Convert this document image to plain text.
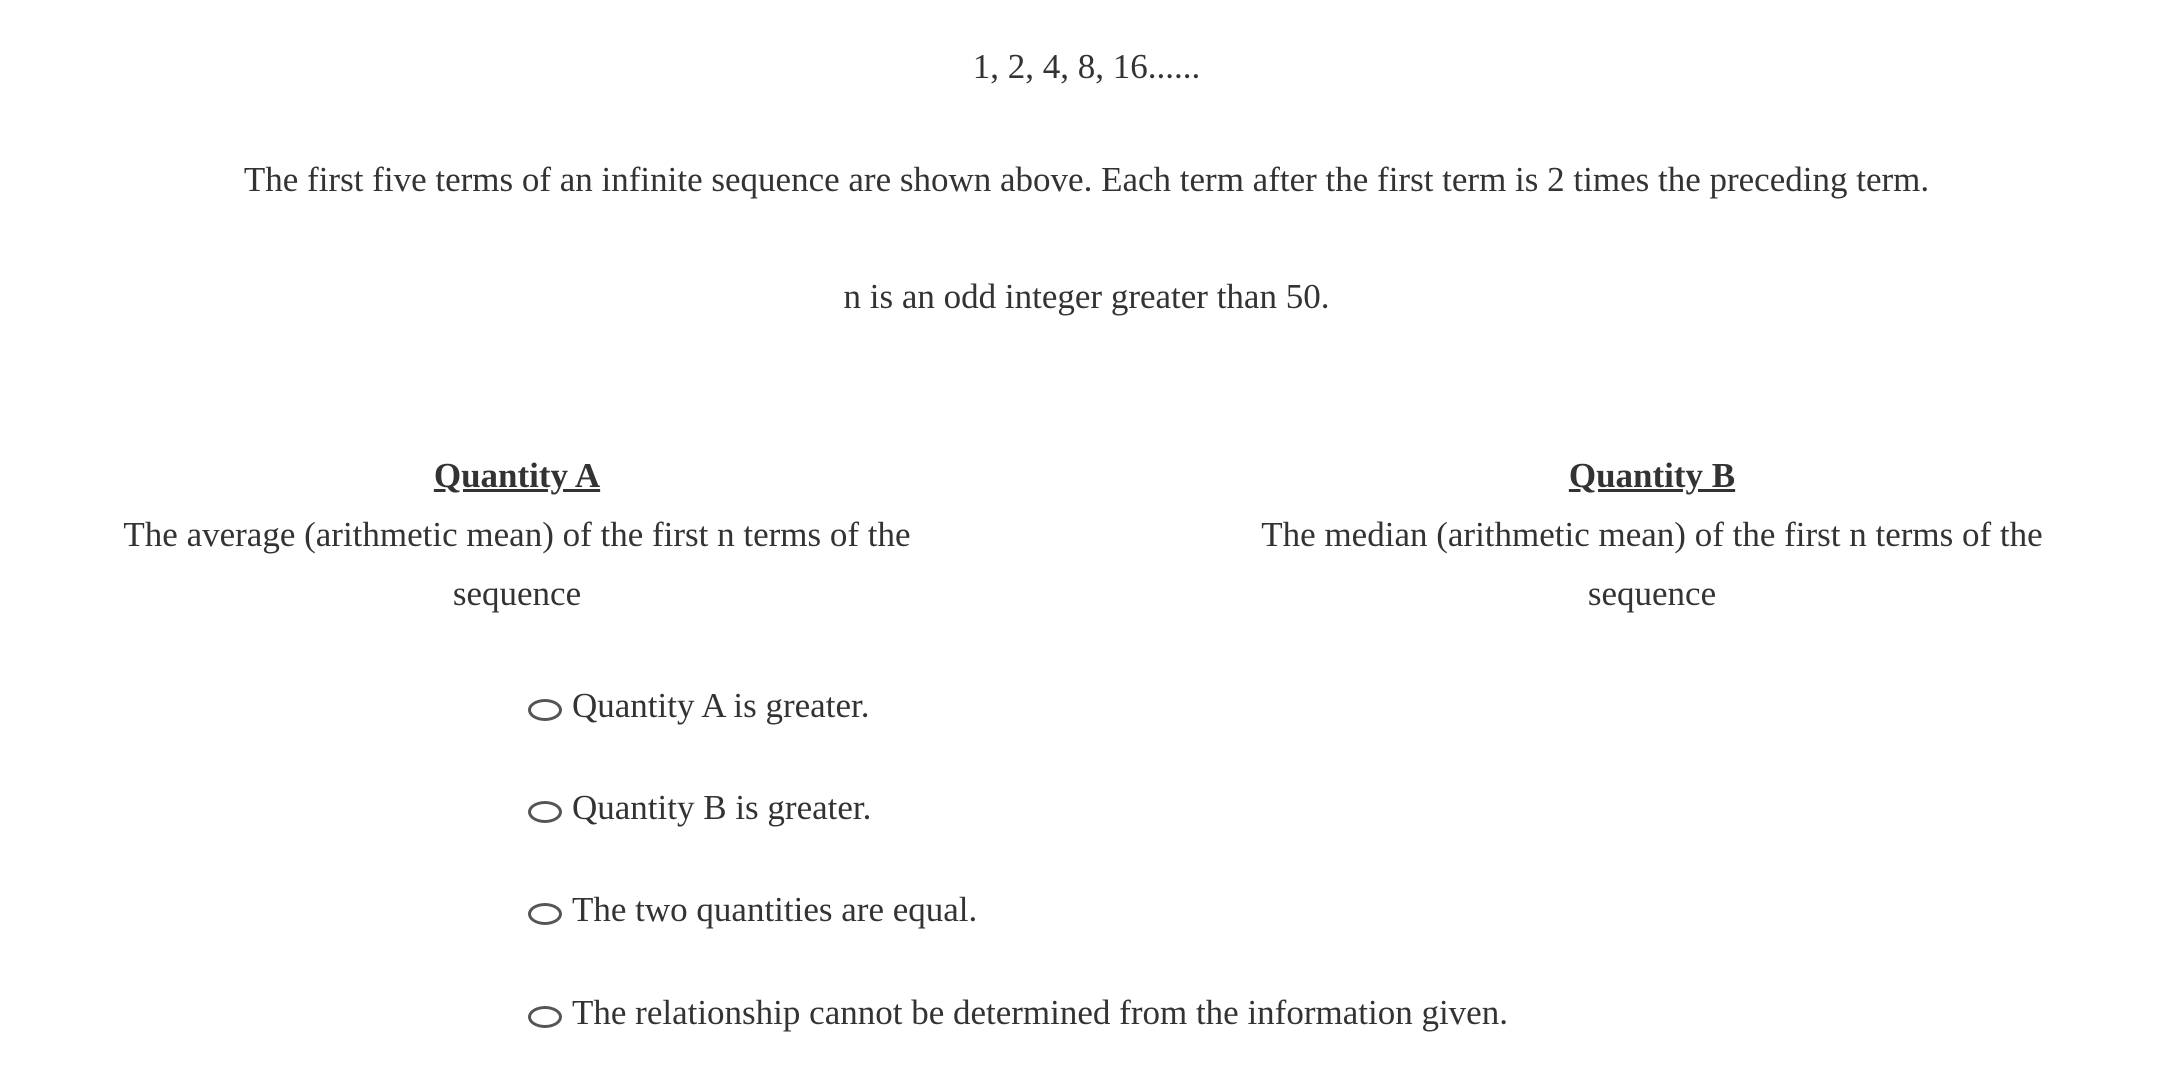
1, 2, 4, 8, 16......
The first five terms of an infinite sequence are shown above. Each term after the first term is 2 times the preceding term.
n is an odd integer greater than 50.
Quantity A
The average (arithmetic mean) of the first n terms of the sequence
Quantity B
The median (arithmetic mean) of the first n terms of the sequence
Quantity A is greater.
Quantity B is greater.
The two quantities are equal.
The relationship cannot be determined from the information given.
